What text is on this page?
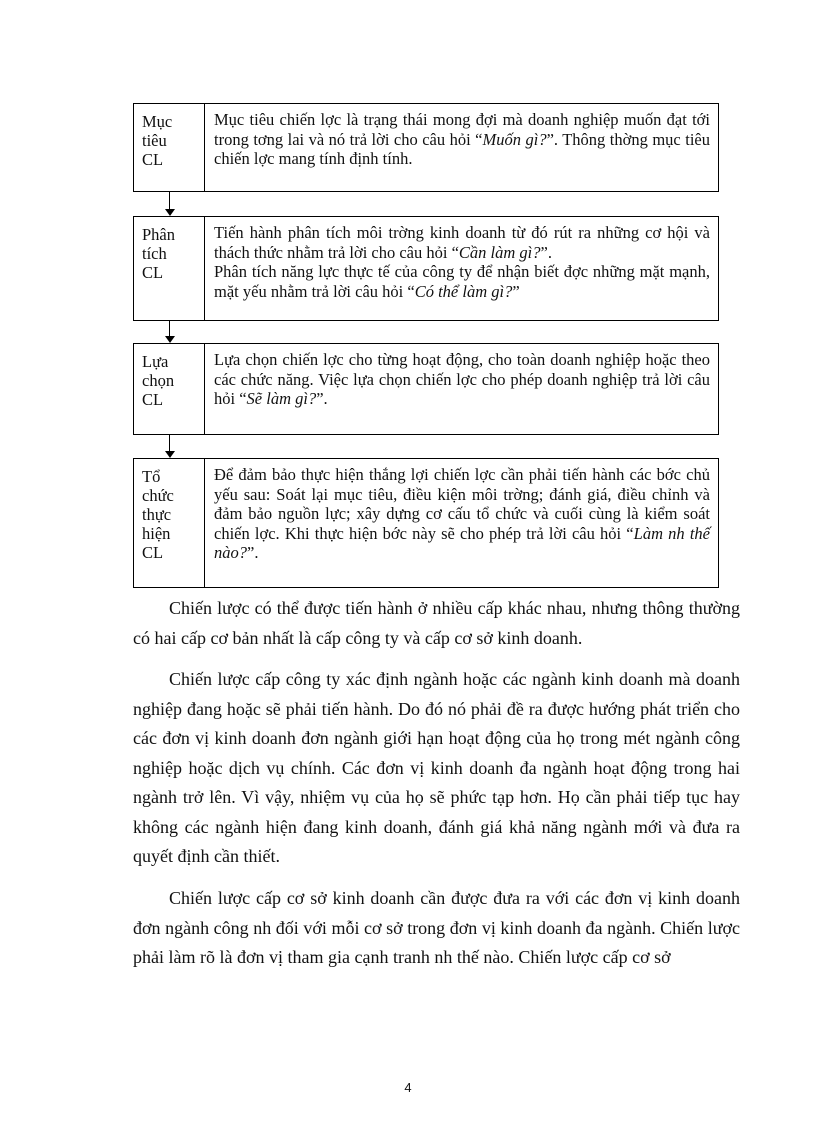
Mục
tiêu
CL

Mục tiêu chiến lợc là trạng thái mong đợi mà doanh nghiệp muốn đạt tới trong tơng lai và nó trả lời cho câu hỏi “Muốn gì?”. Thông thờng mục tiêu chiến lợc mang tính định tính.

Phân
tích
CL

Tiến hành phân tích môi trờng kinh doanh từ đó rút ra những cơ hội và thách thức nhằm trả lời cho câu hỏi “Cần làm gì?”.

Phân tích năng lực thực tế của công ty để nhận biết đợc những mặt mạnh, mặt yếu nhằm trả lời câu hỏi “Có thể làm gì?”

Lựa
chọn
CL

Lựa chọn chiến lợc cho từng hoạt động, cho toàn doanh nghiệp hoặc theo các chức năng. Việc lựa chọn chiến lợc cho phép doanh nghiệp trả lời câu hỏi “Sẽ làm gì?”.

Tổ
chức
thực
hiện
CL

Để đảm bảo thực hiện thắng lợi chiến lợc cần phải tiến hành các bớc chủ yếu sau: Soát lại mục tiêu, điều kiện môi trờng; đánh giá, điều chỉnh và đảm bảo nguồn lực; xây dựng cơ cấu tổ chức và cuối cùng là kiểm soát chiến lợc. Khi thực hiện bớc này sẽ cho phép trả lời câu hỏi “Làm nh thế nào?”.

Chiến lược có thể được tiến hành ở nhiều cấp khác nhau, nhưng thông thường có hai cấp cơ bản nhất là cấp công ty và cấp cơ sở kinh doanh.

Chiến lược cấp công ty xác định ngành hoặc các ngành kinh doanh mà doanh nghiệp đang hoặc sẽ phải tiến hành. Do đó nó phải đề ra được hướng phát triển cho các đơn vị kinh doanh đơn ngành giới hạn hoạt động của họ trong mét ngành công nghiệp hoặc dịch vụ chính. Các đơn vị kinh doanh đa ngành hoạt động trong hai ngành trở lên. Vì vậy, nhiệm vụ của họ sẽ phức tạp hơn. Họ cần phải tiếp tục hay không các ngành hiện đang kinh doanh, đánh giá khả năng ngành mới và đưa ra quyết định cần thiết.

Chiến lược cấp cơ sở kinh doanh cần được đưa ra với các đơn vị kinh doanh đơn ngành công nh đối với mỗi cơ sở trong đơn vị kinh doanh đa ngành. Chiến lược phải làm rõ là đơn vị tham gia cạnh tranh nh thế nào. Chiến lược cấp cơ sở

4
